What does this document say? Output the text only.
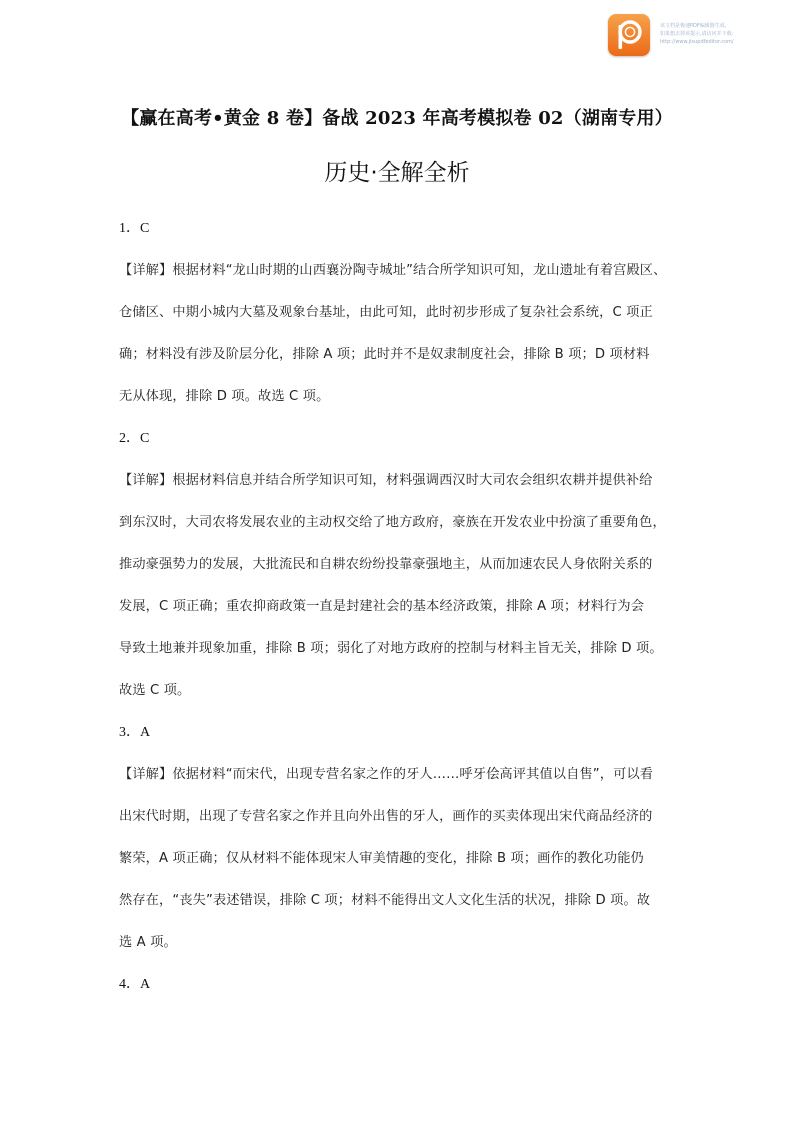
该文档是极速PDF编辑器生成,
如果想去掉该提示,请访问并下载:
http://www.jisupdfeditor.com/
【赢在高考•黄金 8 卷】备战 2023 年高考模拟卷 02（湖南专用）
历史·全解全析
1．C
【详解】根据材料“龙山时期的山西襄汾陶寺城址”结合所学知识可知，龙山遗址有着宫殿区、
仓储区、中期小城内大墓及观象台基址，由此可知，此时初步形成了复杂社会系统，C 项正
确；材料没有涉及阶层分化，排除 A 项；此时并不是奴隶制度社会，排除 B 项；D 项材料
无从体现，排除 D 项。故选 C 项。
2．C
【详解】根据材料信息并结合所学知识可知，材料强调西汉时大司农会组织农耕并提供补给
到东汉时，大司农将发展农业的主动权交给了地方政府，豪族在开发农业中扮演了重要角色，
推动豪强势力的发展，大批流民和自耕农纷纷投靠豪强地主，从而加速农民人身依附关系的
发展，C 项正确；重农抑商政策一直是封建社会的基本经济政策，排除 A 项；材料行为会
导致土地兼并现象加重，排除 B 项；弱化了对地方政府的控制与材料主旨无关，排除 D 项。
故选 C 项。
3．A
【详解】依据材料“而宋代，出现专营名家之作的牙人……呼牙侩高评其值以自售”，可以看
出宋代时期，出现了专营名家之作并且向外出售的牙人，画作的买卖体现出宋代商品经济的
繁荣，A 项正确；仅从材料不能体现宋人审美情趣的变化，排除 B 项；画作的教化功能仍
然存在，“丧失”表述错误，排除 C 项；材料不能得出文人文化生活的状况，排除 D 项。故
选 A 项。
4．A
